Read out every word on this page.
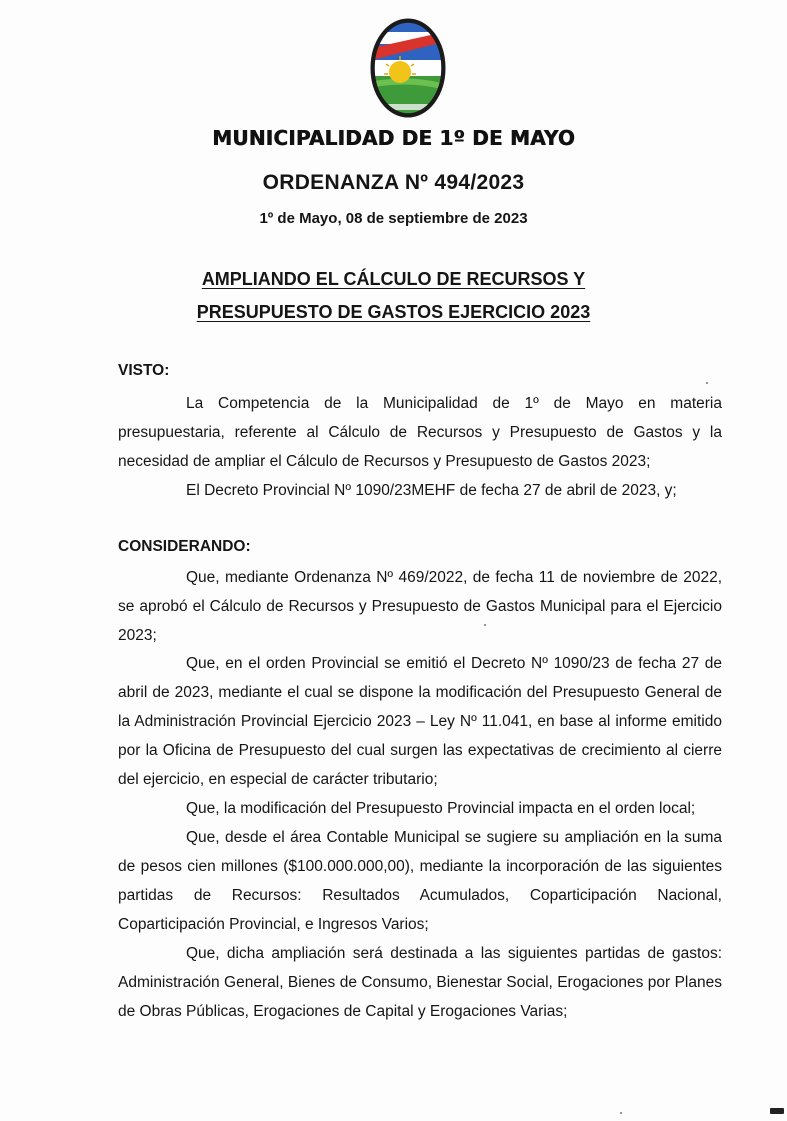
MUNICIPALIDAD DE 1º DE MAYO
ORDENANZA Nº 494/2023
1º de Mayo, 08 de septiembre de 2023
AMPLIANDO EL CÁLCULO DE RECURSOS Y
PRESUPUESTO DE GASTOS EJERCICIO 2023
VISTO:

La Competencia de la Municipalidad de 1º de Mayo en materia presupuestaria, referente al Cálculo de Recursos y Presupuesto de Gastos y la necesidad de ampliar el Cálculo de Recursos y Presupuesto de Gastos 2023;

El Decreto Provincial Nº 1090/23MEHF de fecha 27 de abril de 2023, y;

CONSIDERANDO:

Que, mediante Ordenanza Nº 469/2022, de fecha 11 de noviembre de 2022, se aprobó el Cálculo de Recursos y Presupuesto de Gastos Municipal para el Ejercicio 2023;

Que, en el orden Provincial se emitió el Decreto Nº 1090/23 de fecha 27 de abril de 2023, mediante el cual se dispone la modificación del Presupuesto General de la Administración Provincial Ejercicio 2023 – Ley Nº 11.041, en base al informe emitido por la Oficina de Presupuesto del cual surgen las expectativas de crecimiento al cierre del ejercicio, en especial de carácter tributario;

Que, la modificación del Presupuesto Provincial impacta en el orden local;

Que, desde el área Contable Municipal se sugiere su ampliación en la suma de pesos cien millones ($100.000.000,00), mediante la incorporación de las siguientes partidas de Recursos: Resultados Acumulados, Coparticipación Nacional, Coparticipación Provincial, e Ingresos Varios;

Que, dicha ampliación será destinada a las siguientes partidas de gastos: Administración General, Bienes de Consumo, Bienestar Social, Erogaciones por Planes de Obras Públicas, Erogaciones de Capital y Erogaciones Varias;
